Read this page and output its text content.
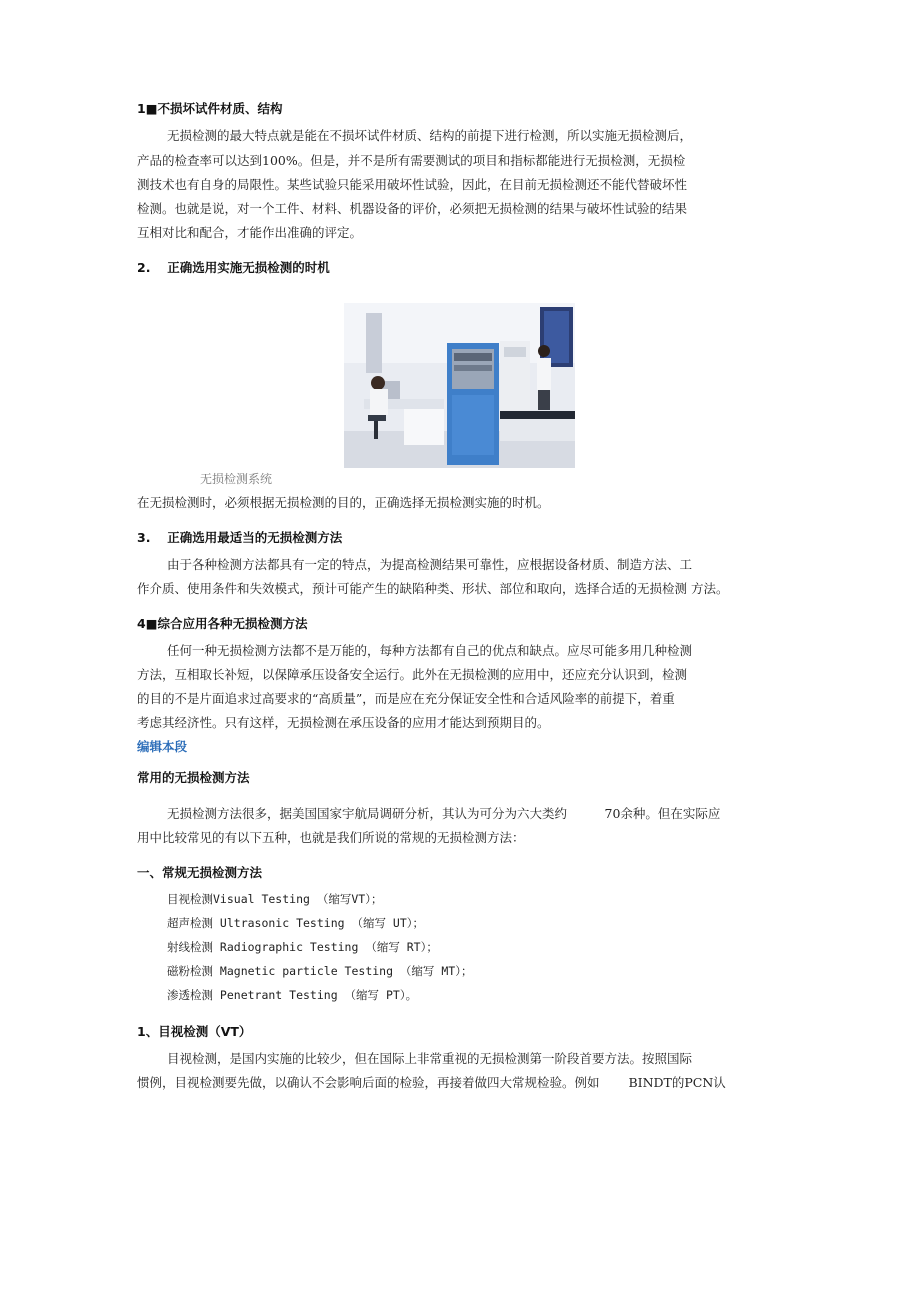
1■不损坏试件材质、结构
无损检测的最大特点就是能在不损坏试件材质、结构的前提下进行检测，所以实施无损检测后，
产品的检查率可以达到100%。但是，并不是所有需要测试的项目和指标都能进行无损检测，无损检
测技术也有自身的局限性。某些试验只能采用破坏性试验，因此，在目前无损检测还不能代替破坏性
检测。也就是说，对一个工件、材料、机器设备的评价，必须把无损检测的结果与破坏性试验的结果
互相对比和配合，才能作出准确的评定。
2.　 正确选用实施无损检测的时机
无损检测系统
在无损检测时，必须根据无损检测的目的，正确选择无损检测实施的时机。
3.　 正确选用最适当的无损检测方法
由于各种检测方法都具有一定的特点，为提高检测结果可靠性，应根据设备材质、制造方法、工
作介质、使用条件和失效模式，预计可能产生的缺陷种类、形状、部位和取向，选择合适的无损检测 方法。
4■综合应用各种无损检测方法
任何一种无损检测方法都不是万能的，每种方法都有自己的优点和缺点。应尽可能多用几种检测
方法，互相取长补短，以保障承压设备安全运行。此外在无损检测的应用中，还应充分认识到，检测
的目的不是片面追求过高要求的“高质量”，而是应在充分保证安全性和合适风险率的前提下，着重
考虑其经济性。只有这样，无损检测在承压设备的应用才能达到预期目的。
编辑本段
常用的无损检测方法
无损检测方法很多，据美国国家宇航局调研分析，其认为可分为六大类约　　　70余种。但在实际应
用中比较常见的有以下五种，也就是我们所说的常规的无损检测方法：
一、常规无损检测方法
目视检测Visual Testing （缩写VT）；
超声检测 Ultrasonic Testing （缩写 UT）；
射线检测 Radiographic Testing （缩写 RT）；
磁粉检测 Magnetic particle Testing （缩写 MT）；
渗透检测 Penetrant Testing （缩写 PT）。
1、目视检测（VT）
目视检测，是国内实施的比较少，但在国际上非常重视的无损检测第一阶段首要方法。按照国际
惯例，目视检测要先做，以确认不会影响后面的检验，再接着做四大常规检验。例如　　 BINDT的PCN认
